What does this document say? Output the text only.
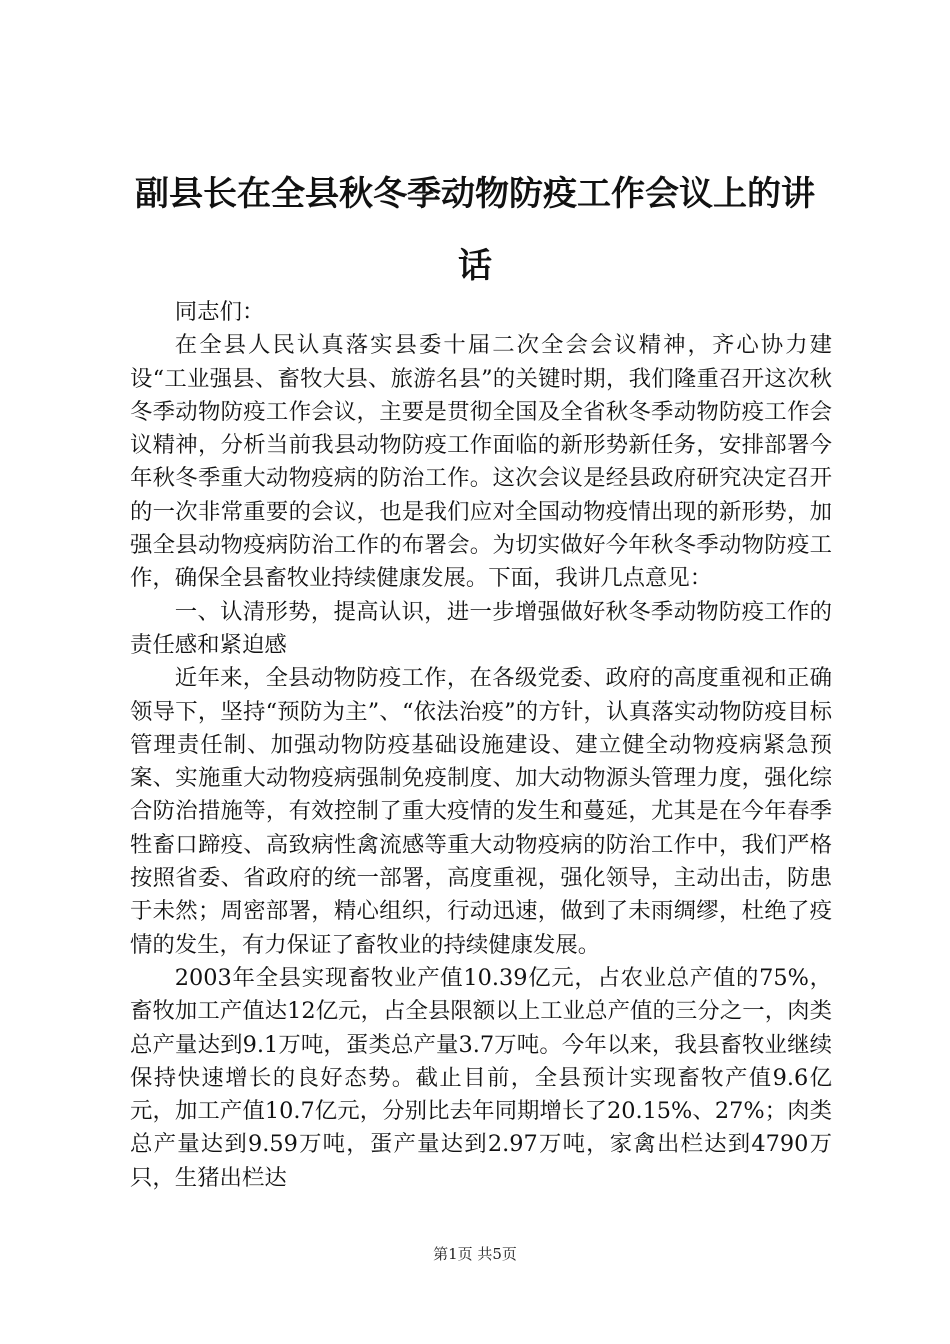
副县长在全县秋冬季动物防疫工作会议上的讲话

同志们：

在全县人民认真落实县委十届二次全会会议精神，齐心协力建设“工业强县、畜牧大县、旅游名县”的关键时期，我们隆重召开这次秋冬季动物防疫工作会议，主要是贯彻全国及全省秋冬季动物防疫工作会议精神，分析当前我县动物防疫工作面临的新形势新任务，安排部署今年秋冬季重大动物疫病的防治工作。这次会议是经县政府研究决定召开的一次非常重要的会议，也是我们应对全国动物疫情出现的新形势，加强全县动物疫病防治工作的布署会。为切实做好今年秋冬季动物防疫工作，确保全县畜牧业持续健康发展。下面，我讲几点意见：

一、认清形势，提高认识，进一步增强做好秋冬季动物防疫工作的责任感和紧迫感

近年来，全县动物防疫工作，在各级党委、政府的高度重视和正确领导下，坚持“预防为主”、“依法治疫”的方针，认真落实动物防疫目标管理责任制、加强动物防疫基础设施建设、建立健全动物疫病紧急预案、实施重大动物疫病强制免疫制度、加大动物源头管理力度，强化综合防治措施等，有效控制了重大疫情的发生和蔓延，尤其是在今年春季牲畜口蹄疫、高致病性禽流感等重大动物疫病的防治工作中，我们严格按照省委、省政府的统一部署，高度重视，强化领导，主动出击，防患于未然；周密部署，精心组织，行动迅速，做到了未雨绸缪，杜绝了疫情的发生，有力保证了畜牧业的持续健康发展。

2003年全县实现畜牧业产值10.39亿元，占农业总产值的75%，畜牧加工产值达12亿元，占全县限额以上工业总产值的三分之一，肉类总产量达到9.1万吨，蛋类总产量3.7万吨。今年以来，我县畜牧业继续保持快速增长的良好态势。截止目前，全县预计实现畜牧产值9.6亿元，加工产值10.7亿元，分别比去年同期增长了20.15%、27%；肉类总产量达到9.59万吨，蛋产量达到2.97万吨，家禽出栏达到4790万只，生猪出栏达

第1页 共5页
